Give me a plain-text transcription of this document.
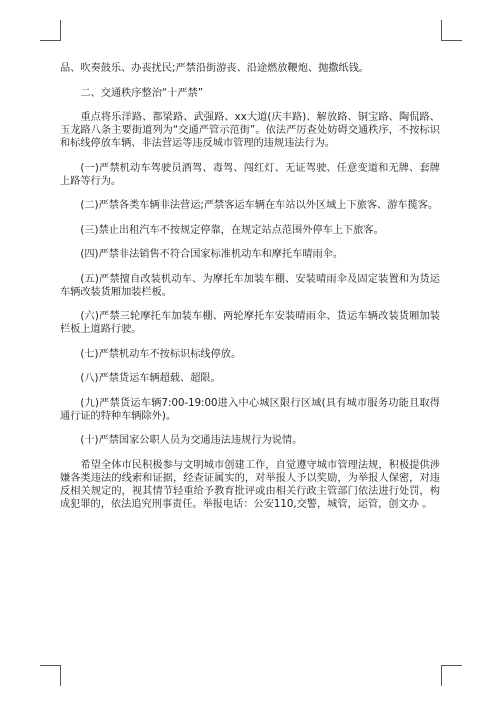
品、吹奏鼓乐、办丧扰民;严禁沿街游丧、沿途燃放鞭炮、抛撒纸钱。

二、交通秩序整治“十严禁”

重点将乐洋路、都梁路、武强路、xx大道(庆丰路)、解放路、铜宝路、陶侃路、玉龙路八条主要街道列为“交通严管示范街”。依法严厉查处妨碍交通秩序，不按标识和标线停放车辆、非法营运等违反城市管理的违规违法行为。

(一)严禁机动车驾驶员酒驾、毒驾、闯红灯、无证驾驶、任意变道和无牌、套牌上路等行为。

(二)严禁各类车辆非法营运;严禁客运车辆在车站以外区域上下旅客、游车揽客。

(三)禁止出租汽车不按规定停靠，在规定站点范围外停车上下旅客。

(四)严禁非法销售不符合国家标准机动车和摩托车晴雨伞。

(五)严禁擅自改装机动车、为摩托车加装车棚、安装晴雨伞及固定装置和为货运车辆改装货厢加装栏板。

(六)严禁三轮摩托车加装车棚、两轮摩托车安装晴雨伞、货运车辆改装货厢加装栏板上道路行驶。

(七)严禁机动车不按标识标线停放。

(八)严禁货运车辆超载、超限。

(九)严禁货运车辆7:00-19:00进入中心城区限行区域(具有城市服务功能且取得通行证的特种车辆除外)。

(十)严禁国家公职人员为交通违法违规行为说情。

希望全体市民积极参与文明城市创建工作，自觉遵守城市管理法规，积极提供涉嫌各类违法的线索和证据，经查证属实的，对举报人予以奖励，为举报人保密，对违反相关规定的，视其情节轻重给予教育批评或由相关行政主管部门依法进行处罚，构成犯罪的，依法追究刑事责任。举报电话：公安110,交警，城管，运管，创文办 。
